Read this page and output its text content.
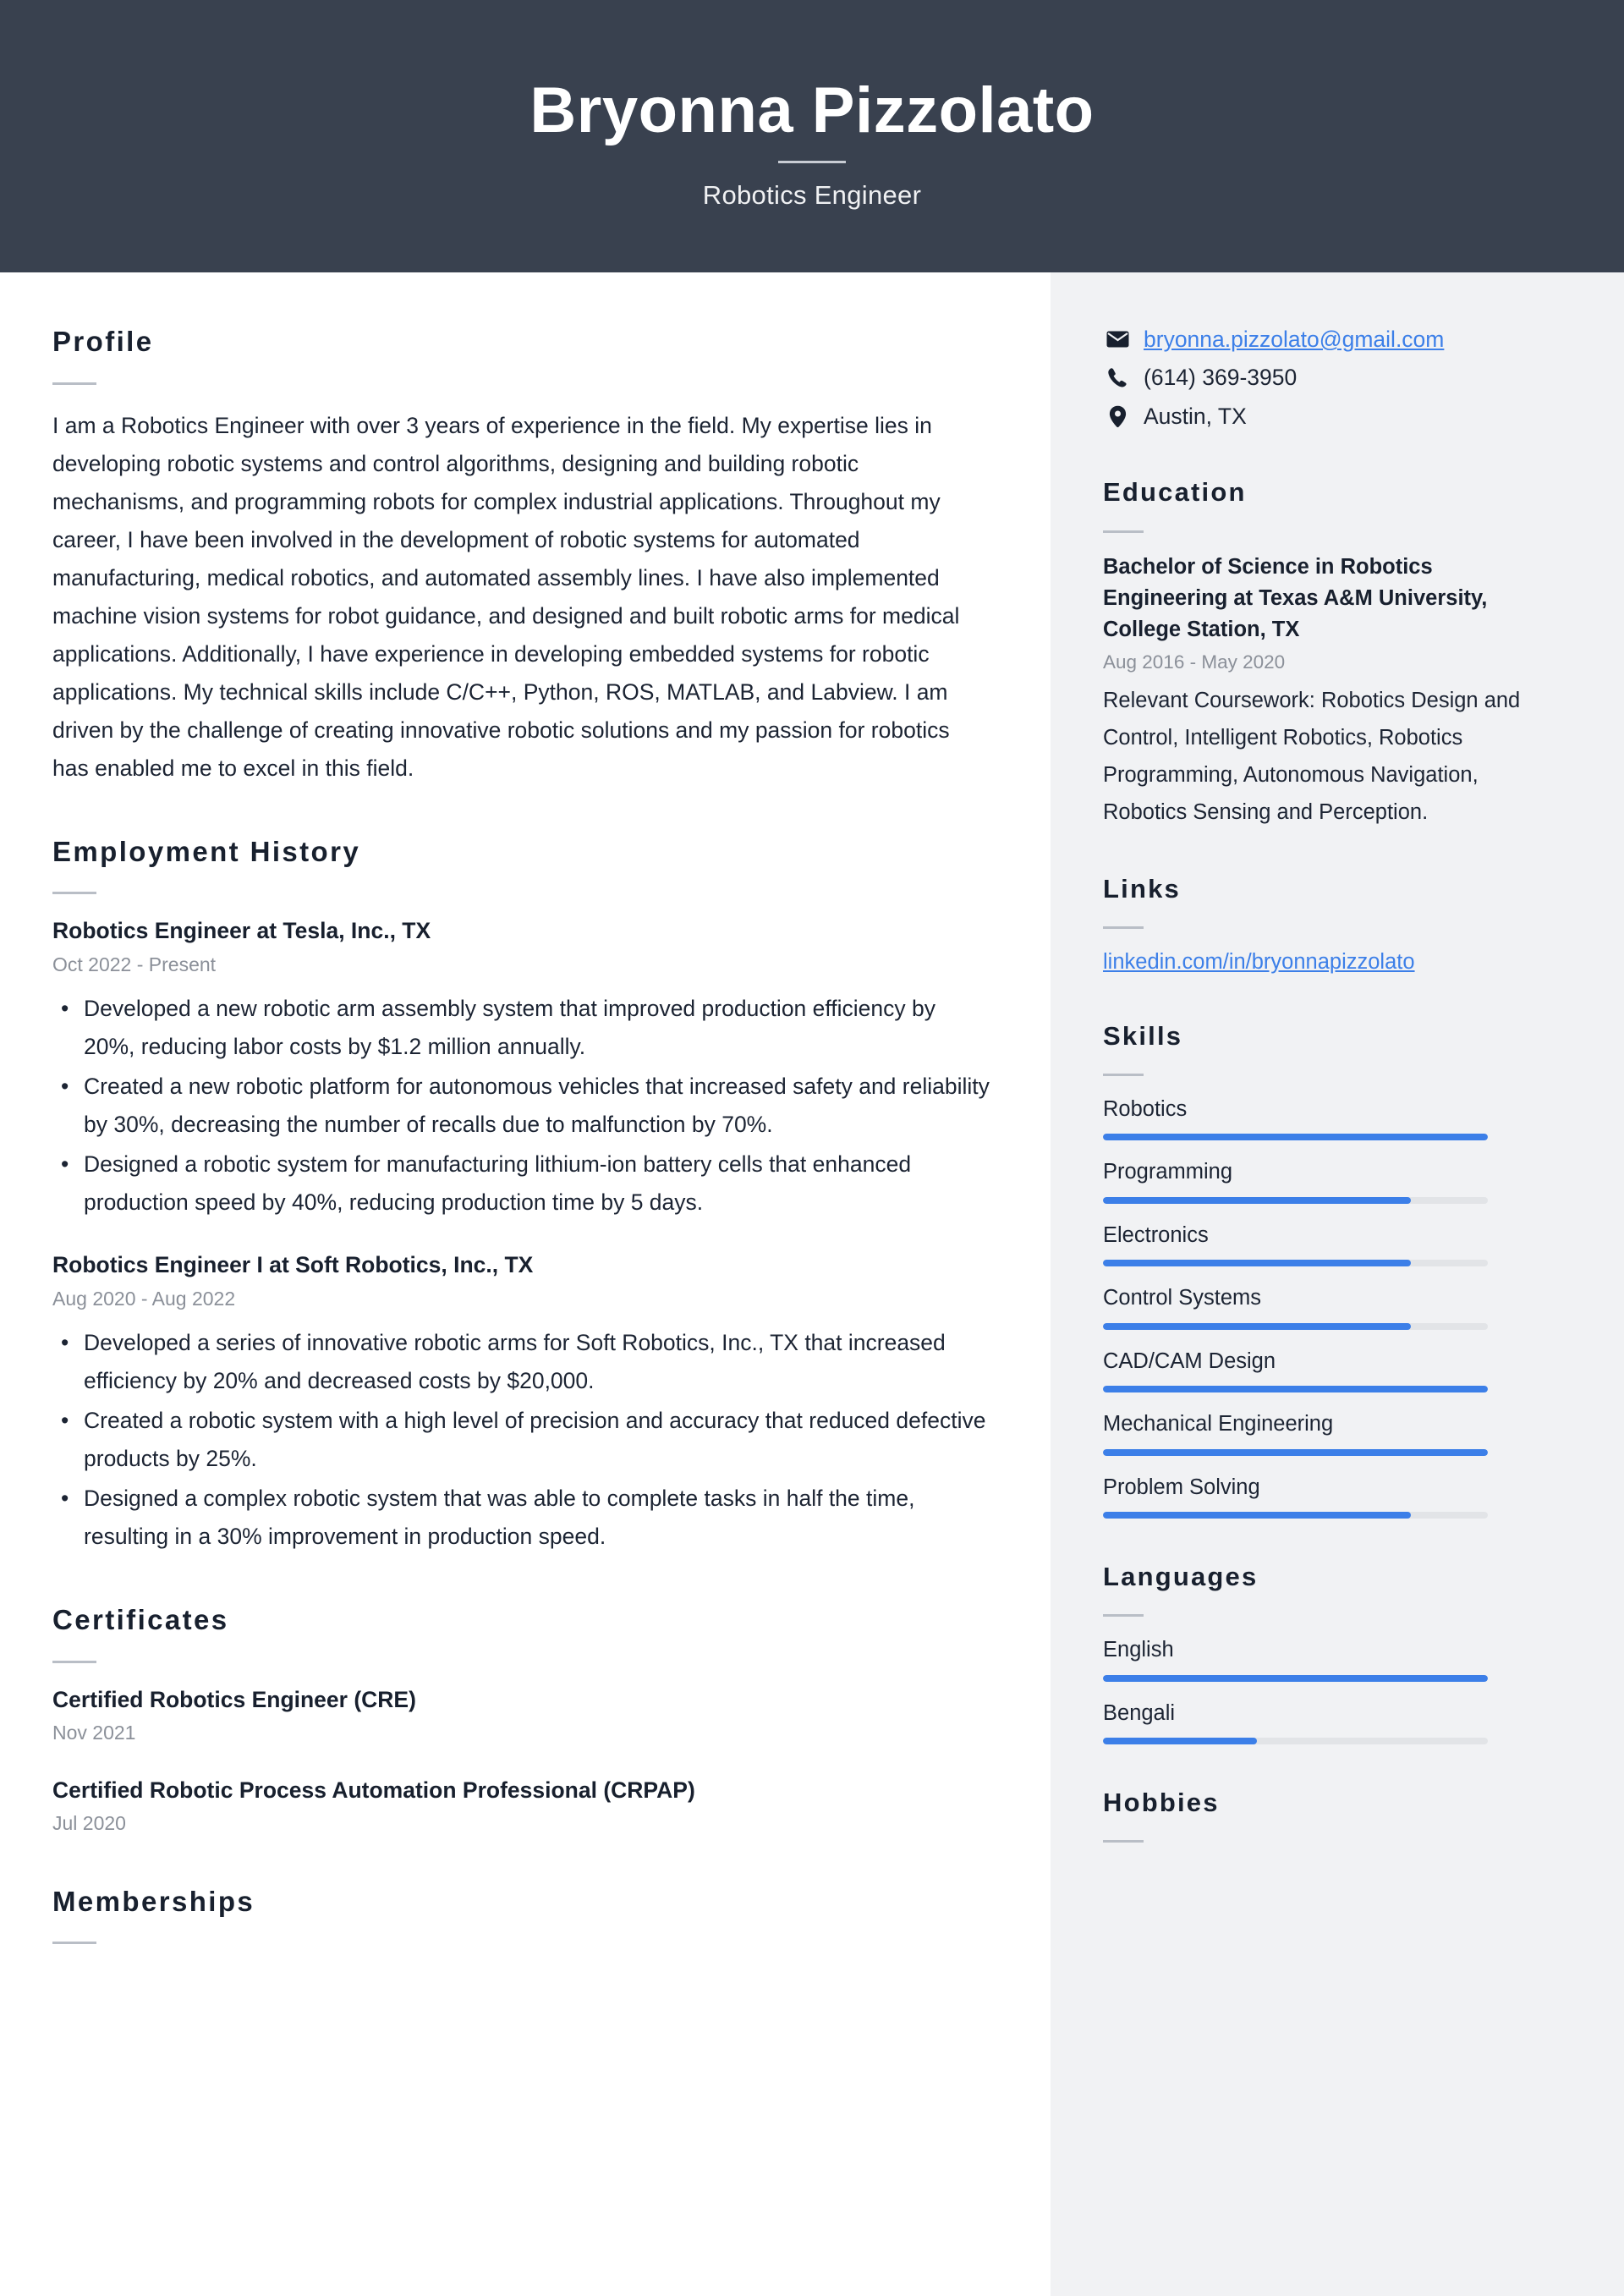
Bryonna Pizzolato
Robotics Engineer
Profile
I am a Robotics Engineer with over 3 years of experience in the field. My expertise lies in developing robotic systems and control algorithms, designing and building robotic mechanisms, and programming robots for complex industrial applications. Throughout my career, I have been involved in the development of robotic systems for automated manufacturing, medical robotics, and automated assembly lines. I have also implemented machine vision systems for robot guidance, and designed and built robotic arms for medical applications. Additionally, I have experience in developing embedded systems for robotic applications. My technical skills include C/C++, Python, ROS, MATLAB, and Labview. I am driven by the challenge of creating innovative robotic solutions and my passion for robotics has enabled me to excel in this field.
Employment History
Robotics Engineer at Tesla, Inc., TX
Oct 2022 - Present
• Developed a new robotic arm assembly system that improved production efficiency by 20%, reducing labor costs by $1.2 million annually.
• Created a new robotic platform for autonomous vehicles that increased safety and reliability by 30%, decreasing the number of recalls due to malfunction by 70%.
• Designed a robotic system for manufacturing lithium-ion battery cells that enhanced production speed by 40%, reducing production time by 5 days.
Robotics Engineer I at Soft Robotics, Inc., TX
Aug 2020 - Aug 2022
• Developed a series of innovative robotic arms for Soft Robotics, Inc., TX that increased efficiency by 20% and decreased costs by $20,000.
• Created a robotic system with a high level of precision and accuracy that reduced defective products by 25%.
• Designed a complex robotic system that was able to complete tasks in half the time, resulting in a 30% improvement in production speed.
Certificates
Certified Robotics Engineer (CRE)
Nov 2021
Certified Robotic Process Automation Professional (CRPAP)
Jul 2020
Memberships
bryonna.pizzolato@gmail.com
(614) 369-3950
Austin, TX
Education
Bachelor of Science in Robotics Engineering at Texas A&M University, College Station, TX
Aug 2016 - May 2020
Relevant Coursework: Robotics Design and Control, Intelligent Robotics, Robotics Programming, Autonomous Navigation, Robotics Sensing and Perception.
Links
linkedin.com/in/bryonnapizzolato
Skills
Robotics
Programming
Electronics
Control Systems
CAD/CAM Design
Mechanical Engineering
Problem Solving
Languages
English
Bengali
Hobbies
